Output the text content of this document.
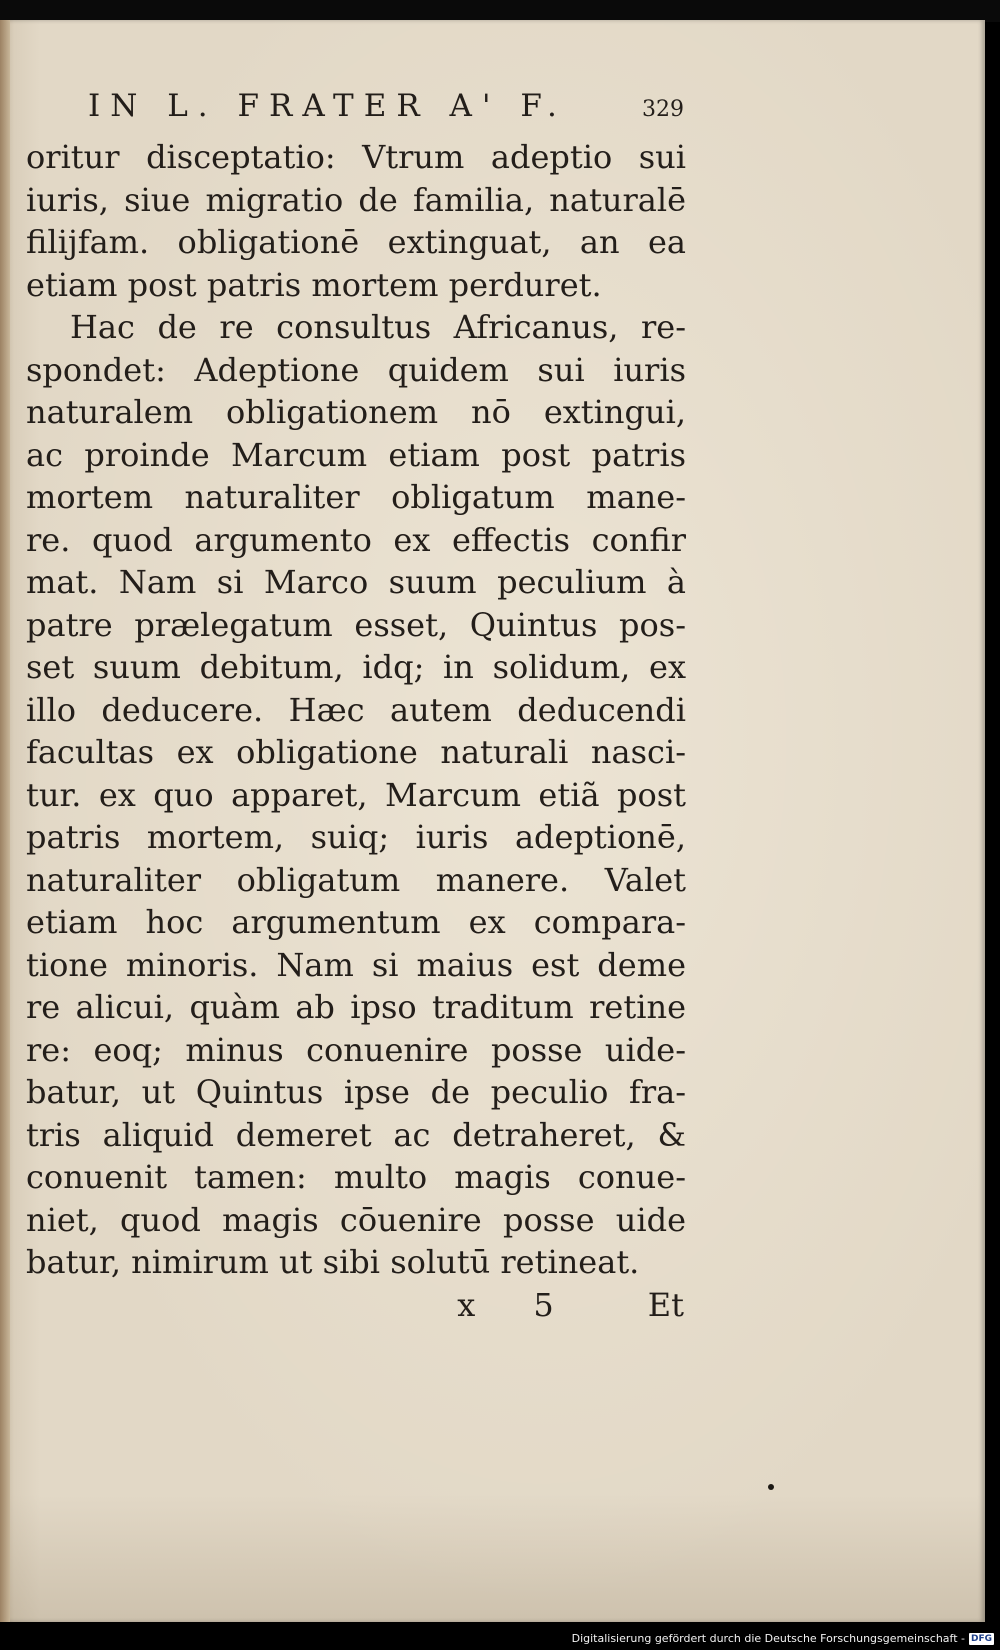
IN L. FRATER A' F.	329
oritur disceptatio: Vtrum adeptio sui
iuris, siue migratio de familia, naturalē
filijfam. obligationē extinguat, an ea
etiam post patris mortem perduret.
Hac de re consultus Africanus, re-
spondet: Adeptione quidem sui iuris
naturalem obligationem nō extingui,
ac proinde Marcum etiam post patris
mortem naturaliter obligatum mane-
re. quod argumento ex effectis confir
mat. Nam si Marco suum peculium à
patre prælegatum esset, Quintus pos-
set suum debitum, idq; in solidum, ex
illo deducere. Hæc autem deducendi
facultas ex obligatione naturali nasci-
tur. ex quo apparet, Marcum etiã post
patris mortem, suiq; iuris adeptionē,
naturaliter obligatum manere. Valet
etiam hoc argumentum ex compara-
tione minoris. Nam si maius est deme
re alicui, quàm ab ipso traditum retine
re: eoq; minus conuenire posse uide-
batur, ut Quintus ipse de peculio fra-
tris aliquid demeret ac detraheret, &
conuenit tamen: multo magis conue-
niet, quod magis cōuenire posse uide
batur, nimirum ut sibi solutū retineat.
x 5 Et
Digitalisierung gefördert durch die Deutsche Forschungsgemeinschaft - DFG
